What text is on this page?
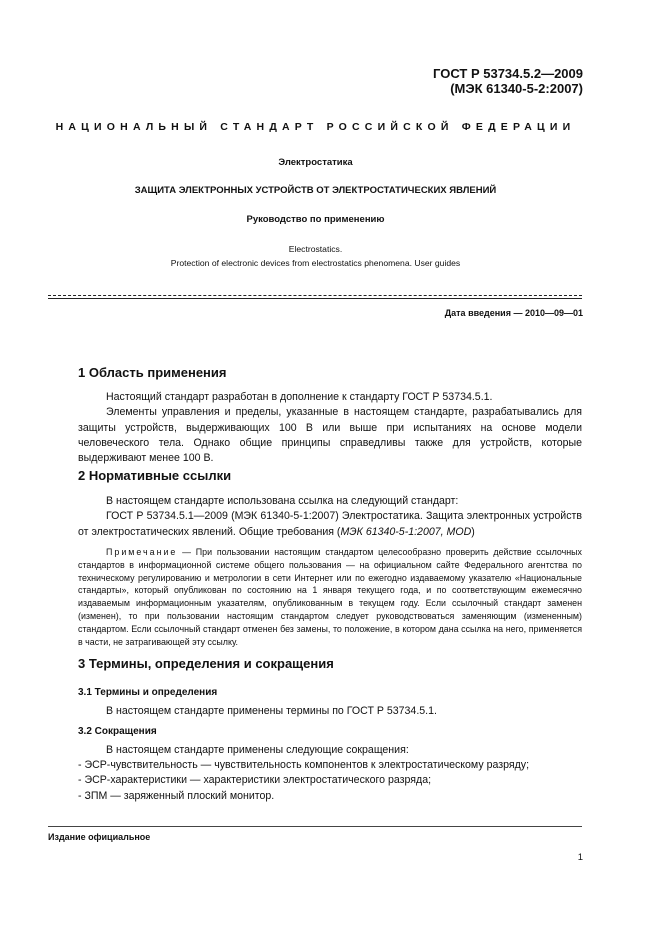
ГОСТ Р 53734.5.2—2009
(МЭК 61340-5-2:2007)
НАЦИОНАЛЬНЫЙ СТАНДАРТ РОССИЙСКОЙ ФЕДЕРАЦИИ
Электростатика
ЗАЩИТА ЭЛЕКТРОННЫХ УСТРОЙСТВ ОТ ЭЛЕКТРОСТАТИЧЕСКИХ ЯВЛЕНИЙ
Руководство по применению
Electrostatics.
Protection of electronic devices from electrostatics phenomena. User guides
Дата введения — 2010—09—01
1 Область применения

Настоящий стандарт разработан в дополнение к стандарту ГОСТ Р 53734.5.1.

Элементы управления и пределы, указанные в настоящем стандарте, разрабатывались для защиты устройств, выдерживающих 100 В или выше при испытаниях на основе модели человеческого тела. Однако общие принципы справедливы также для устройств, которые выдерживают менее 100 В.

2 Нормативные ссылки

В настоящем стандарте использована ссылка на следующий стандарт:

ГОСТ Р 53734.5.1—2009 (МЭК 61340-5-1:2007) Электростатика. Защита электронных устройств от электростатических явлений. Общие требования (МЭК 61340-5-1:2007, MOD)

Примечание — При пользовании настоящим стандартом целесообразно проверить действие ссылочных стандартов в информационной системе общего пользования — на официальном сайте Федерального агентства по техническому регулированию и метрологии в сети Интернет или по ежегодно издаваемому указателю «Национальные стандарты», который опубликован по состоянию на 1 января текущего года, и по соответствующим ежемесячно издаваемым информационным указателям, опубликованным в текущем году. Если ссылочный стандарт заменен (изменен), то при пользовании настоящим стандартом следует руководствоваться заменяющим (измененным) стандартом. Если ссылочный стандарт отменен без замены, то положение, в котором дана ссылка на него, применяется в части, не затрагивающей эту ссылку.
3 Термины, определения и сокращения
3.1 Термины и определения

В настоящем стандарте применены термины по ГОСТ Р 53734.5.1.

3.2 Сокращения

В настоящем стандарте применены следующие сокращения:

- ЭСР-чувствительность — чувствительность компонентов к электростатическому разряду;
- ЭСР-характеристики — характеристики электростатического разряда;
- ЗПМ — заряженный плоский монитор.
Издание официальное
1
